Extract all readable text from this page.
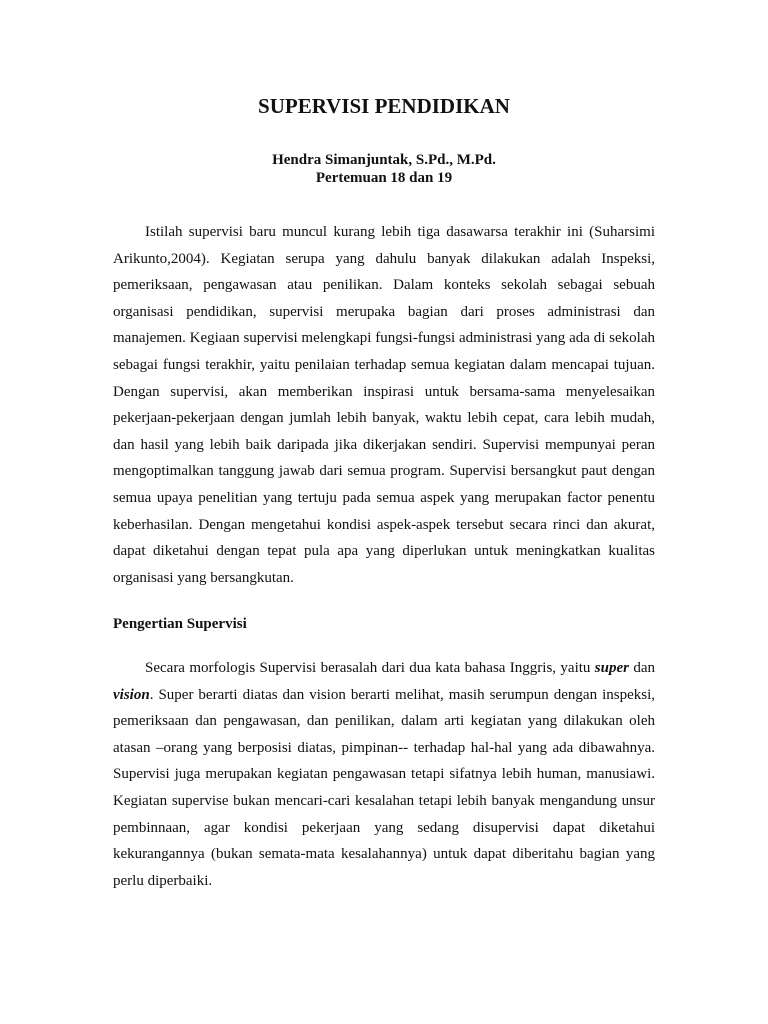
SUPERVISI PENDIDIKAN

Hendra Simanjuntak, S.Pd., M.Pd.

Pertemuan 18 dan 19

Istilah supervisi baru muncul kurang lebih tiga dasawarsa terakhir ini (Suharsimi Arikunto,2004). Kegiatan serupa yang dahulu banyak dilakukan adalah Inspeksi, pemeriksaan, pengawasan atau penilikan. Dalam konteks sekolah sebagai sebuah organisasi pendidikan, supervisi merupaka bagian dari proses administrasi dan manajemen. Kegiaan supervisi melengkapi fungsi-fungsi administrasi yang ada di sekolah sebagai fungsi terakhir, yaitu penilaian terhadap semua kegiatan dalam mencapai tujuan. Dengan supervisi, akan memberikan inspirasi untuk bersama-sama menyelesaikan pekerjaan-pekerjaan dengan jumlah lebih banyak, waktu lebih cepat, cara lebih mudah, dan hasil yang lebih baik daripada jika dikerjakan sendiri. Supervisi mempunyai peran mengoptimalkan tanggung jawab dari semua program. Supervisi bersangkut paut dengan semua upaya penelitian yang tertuju pada semua aspek yang merupakan factor penentu keberhasilan. Dengan mengetahui kondisi aspek-aspek tersebut secara rinci dan akurat, dapat diketahui dengan tepat pula apa yang diperlukan untuk meningkatkan kualitas organisasi yang bersangkutan.

Pengertian Supervisi

Secara morfologis Supervisi berasalah dari dua kata bahasa Inggris, yaitu super dan vision. Super berarti diatas dan vision berarti melihat, masih serumpun dengan inspeksi, pemeriksaan dan pengawasan, dan penilikan, dalam arti kegiatan yang dilakukan oleh atasan –orang yang berposisi diatas, pimpinan-- terhadap hal-hal yang ada dibawahnya. Supervisi juga merupakan kegiatan pengawasan tetapi sifatnya lebih human, manusiawi. Kegiatan supervise bukan mencari-cari kesalahan tetapi lebih banyak mengandung unsur pembinnaan, agar kondisi pekerjaan yang sedang disupervisi dapat diketahui kekurangannya (bukan semata-mata kesalahannya) untuk dapat diberitahu bagian yang perlu diperbaiki.
